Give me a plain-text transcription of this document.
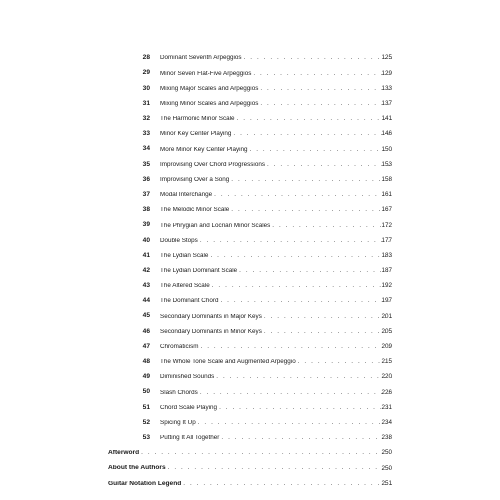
28 Dominant Seventh Arpeggios . . .	125
29 Minor Seven Flat-Five Arpeggios . . .	129
30 Mixing Major Scales and Arpeggios . . .	133
31 Mixing Minor Scales and Arpeggios . . .	137
32 The Harmonic Minor Scale . . .	141
33 Minor Key Center Playing . . .	146
34 More Minor Key Center Playing . . .	150
35 Improvising Over Chord Progressions . . .	153
36 Improvising Over a Song . . .	158
37 Modal Interchange . . .	161
38 The Melodic Minor Scale . . .	167
39 The Phrygian and Locrian Minor Scales . . .	172
40 Double Stops . . .	177
41 The Lydian Scale . . .	183
42 The Lydian Dominant Scale . . .	187
43 The Altered Scale . . .	192
44 The Dominant Chord . . .	197
45 Secondary Dominants in Major Keys . . .	201
46 Secondary Dominants in Minor Keys . . .	205
47 Chromaticism . . .	209
48 The Whole Tone Scale and Augmented Arpeggio . . .	215
49 Diminished Sounds . . .	220
50 Slash Chords . . .	226
51 Chord Scale Playing . . .	231
52 Spicing It Up . . .	234
53 Putting It All Together . . .	238
Afterword . . .	250
About the Authors . . .	250
Guitar Notation Legend . . .	251
